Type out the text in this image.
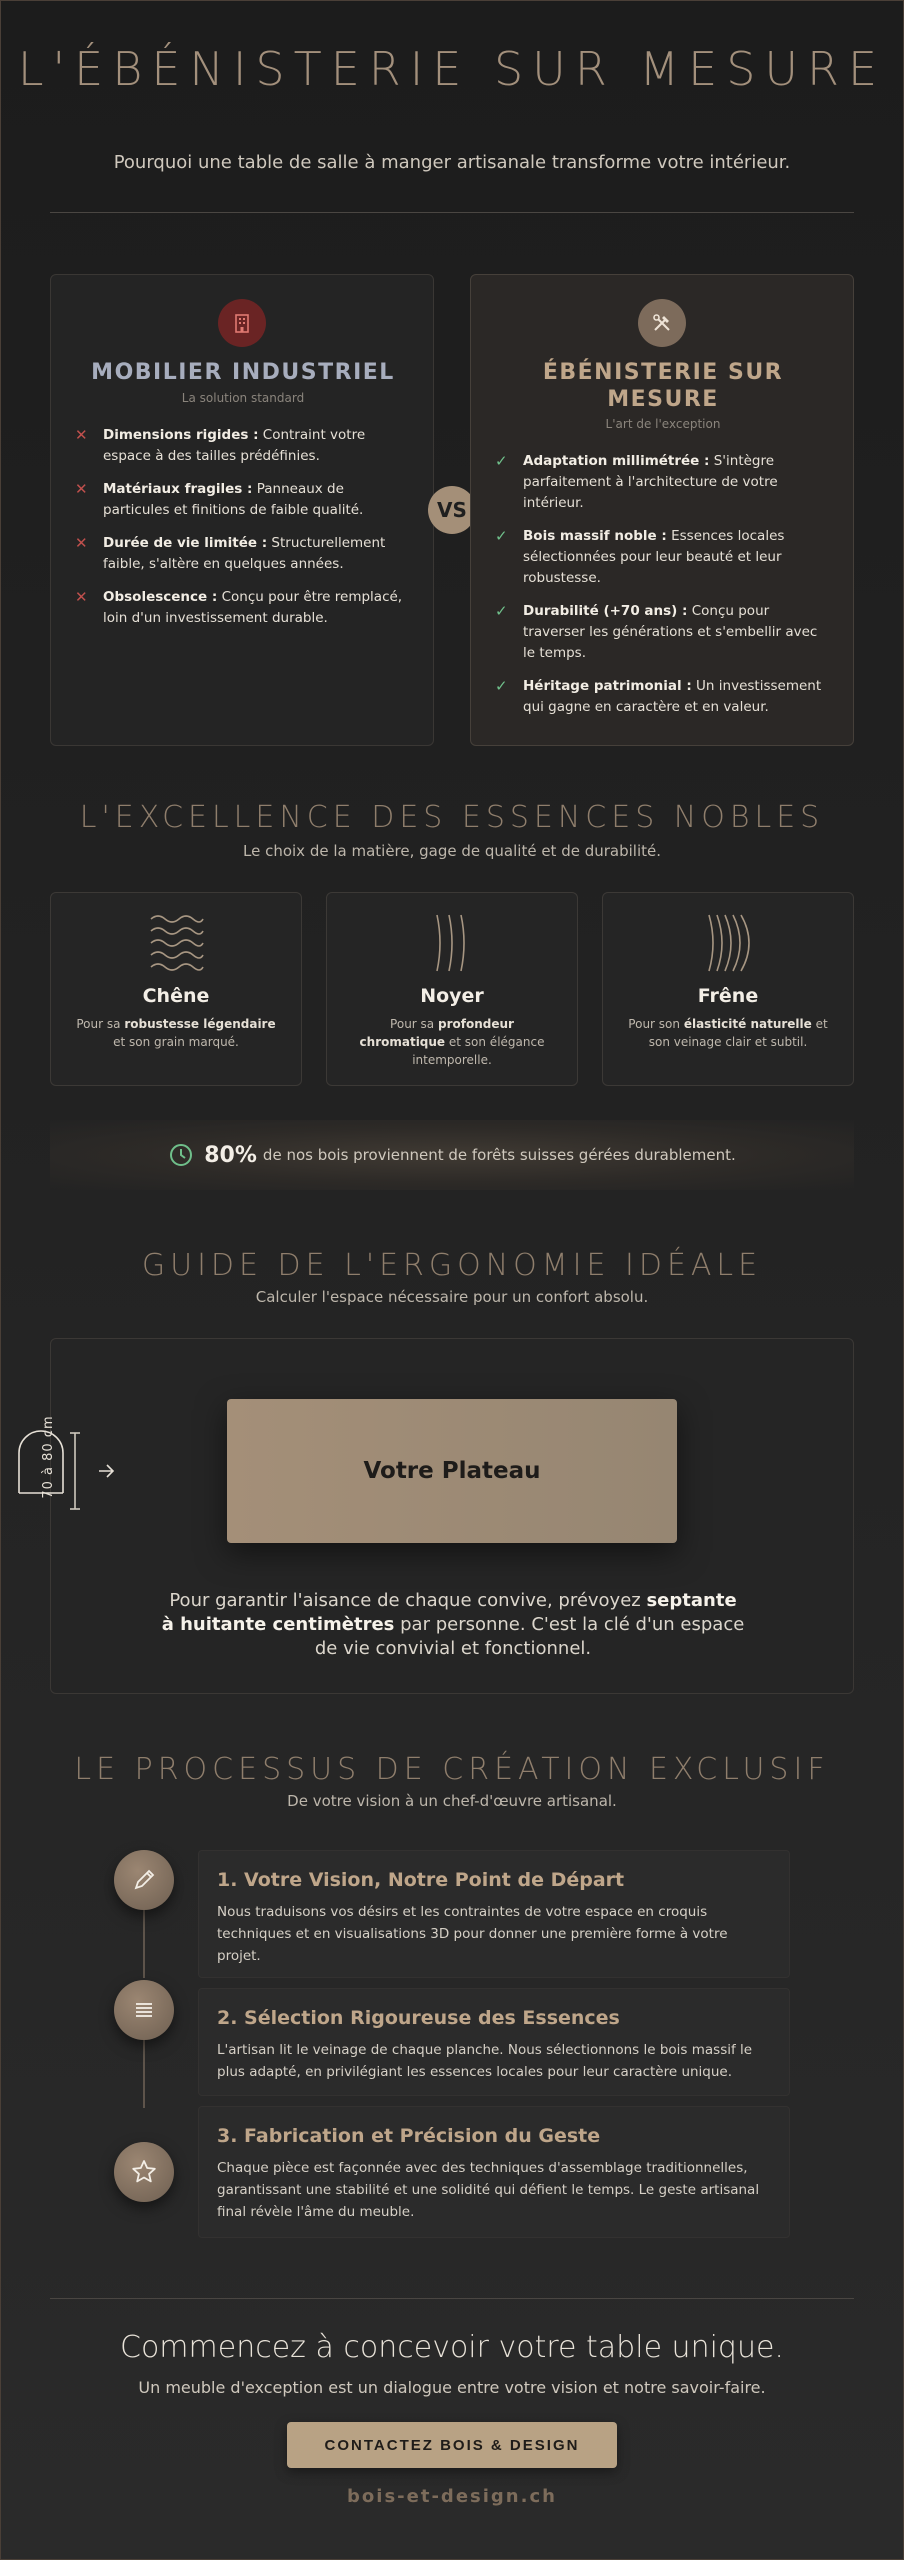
L'ÉBÉNISTERIE SUR MESURE

Pourquoi une table de salle à manger artisanale transforme votre intérieur.

MOBILIER INDUSTRIEL
La solution standard
✕ Dimensions rigides : Contraint votre espace à des tailles prédéfinies.
✕ Matériaux fragiles : Panneaux de particules et finitions de faible qualité.
✕ Durée de vie limitée : Structurellement faible, s'altère en quelques années.
✕ Obsolescence : Conçu pour être remplacé, loin d'un investissement durable.
VS
ÉBÉNISTERIE SUR MESURE
L'art de l'exception
✓ Adaptation millimétrée : S'intègre parfaitement à l'architecture de votre intérieur.
✓ Bois massif noble : Essences locales sélectionnées pour leur beauté et leur robustesse.
✓ Durabilité (+70 ans) : Conçu pour traverser les générations et s'embellir avec le temps.
✓ Héritage patrimonial : Un investissement qui gagne en caractère et en valeur.
L'EXCELLENCE DES ESSENCES NOBLES

Le choix de la matière, gage de qualité et de durabilité.

Chêne
Pour sa robustesse légendaire et son grain marqué.
Noyer
Pour sa profondeur chromatique et son élégance intemporelle.
Frêne
Pour son élasticité naturelle et son veinage clair et subtil.
80% de nos bois proviennent de forêts suisses gérées durablement.
GUIDE DE L'ERGONOMIE IDÉALE

Calculer l'espace nécessaire pour un confort absolu.

70 à 80 cm	Votre Plateau

Pour garantir l'aisance de chaque convive, prévoyez septante à huitante centimètres par personne. C'est la clé d'un espace de vie convivial et fonctionnel.

LE PROCESSUS DE CRÉATION EXCLUSIF

De votre vision à un chef-d'œuvre artisanal.

1. Votre Vision, Notre Point de Départ
Nous traduisons vos désirs et les contraintes de votre espace en croquis techniques et en visualisations 3D pour donner une première forme à votre projet.
2. Sélection Rigoureuse des Essences
L'artisan lit le veinage de chaque planche. Nous sélectionnons le bois massif le plus adapté, en privilégiant les essences locales pour leur caractère unique.
3. Fabrication et Précision du Geste
Chaque pièce est façonnée avec des techniques d'assemblage traditionnelles, garantissant une stabilité et une solidité qui défient le temps. Le geste artisanal final révèle l'âme du meuble.
Commencez à concevoir votre table unique.

Un meuble d'exception est un dialogue entre votre vision et notre savoir-faire.

CONTACTEZ BOIS & DESIGN
bois-et-design.ch
